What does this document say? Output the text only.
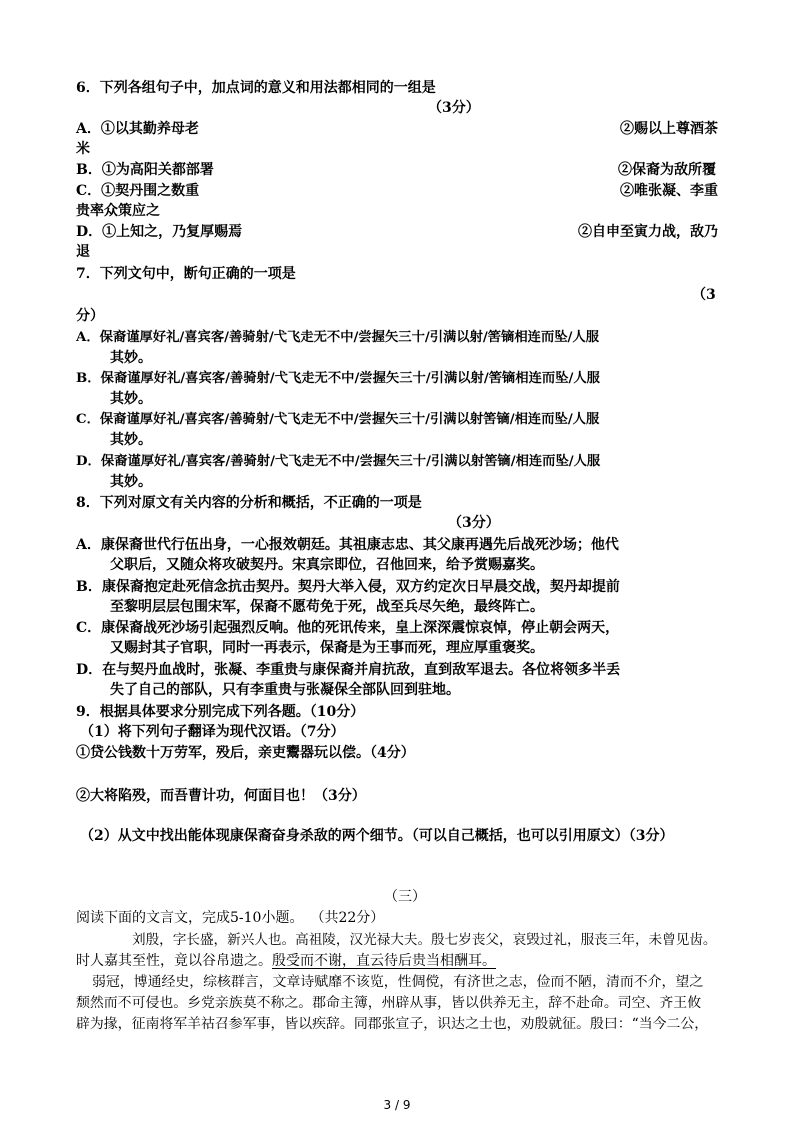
6．下列各组句子中，加点词的意义和用法都相同的一组是
（3分）
A．①以其勤养母老	②赐以上尊酒茶
米
B．①为高阳关都部署	②保裔为敌所覆
C．①契丹围之数重	②唯张凝、李重
贵率众策应之
D．①上知之，乃复厚赐焉	②自申至寅力战，敌乃
退
7．下列文句中，断句正确的一项是
（3
分）
A．保裔谨厚好礼/喜宾客/善骑射/弋飞走无不中/尝握矢三十/引满以射/筈镝相连而坠/人服
其妙。
B．保裔谨厚好礼/喜宾客/善骑射/弋飞走无不中/尝握矢三十/引满以射/筈镝相连而坠/人服
其妙。
C．保裔谨厚好礼/喜宾客/善骑射/弋飞走无不中/尝握矢三十/引满以射筈镝/相连而坠/人服
其妙。
D．保裔谨厚好礼/喜宾客/善骑射/弋飞走无不中/尝握矢三十/引满以射筈镝/相连而坠/人服
其妙。
8．下列对原文有关内容的分析和概括，不正确的一项是
（3分）
A．康保裔世代行伍出身，一心报效朝廷。其祖康志忠、其父康再遇先后战死沙场；他代
父职后，又随众将攻破契丹。宋真宗即位，召他回来，给予赏赐嘉奖。
B．康保裔抱定赴死信念抗击契丹。契丹大举入侵，双方约定次日早晨交战，契丹却提前
至黎明层层包围宋军，保裔不愿苟免于死，战至兵尽矢绝，最终阵亡。
C．康保裔战死沙场引起强烈反响。他的死讯传来，皇上深深震惊哀悼，停止朝会两天，
又赐封其子官职，同时一再表示，保裔是为王事而死，理应厚重褒奖。
D．在与契丹血战时，张凝、李重贵与康保裔并肩抗敌，直到敌军退去。各位将领多半丢
失了自己的部队，只有李重贵与张凝保全部队回到驻地。
9．根据具体要求分别完成下列各题。（10分）
（1）将下列句子翻译为现代汉语。（7分）
①贷公钱数十万劳军，殁后，亲吏鬻器玩以偿。（4分）
②大将陷殁，而吾曹计功，何面目也！（3分）
（2）从文中找出能体现康保裔奋身杀敌的两个细节。（可以自己概括，也可以引用原文）（3分）
（三）
阅读下面的文言文，完成5-10小题。 （共22分）
刘殷，字长盛，新兴人也。高祖陵，汉光禄大夫。殷七岁丧父，哀毁过礼，服丧三年，未曾见齿。
时人嘉其至性，竟以谷帛遗之。殷受而不谢，直云待后贵当相酬耳。
弱冠，博通经史，综核群言，文章诗赋靡不该览，性倜傥，有济世之志，俭而不陋，清而不介，望之
颓然而不可侵也。乡党亲族莫不称之。郡命主簿，州辟从事，皆以供养无主，辞不赴命。司空、齐王攸
辟为掾，征南将军羊祜召参军事，皆以疾辞。同郡张宣子，识达之士也，劝殷就征。殷曰：“当今二公，
3 / 9
